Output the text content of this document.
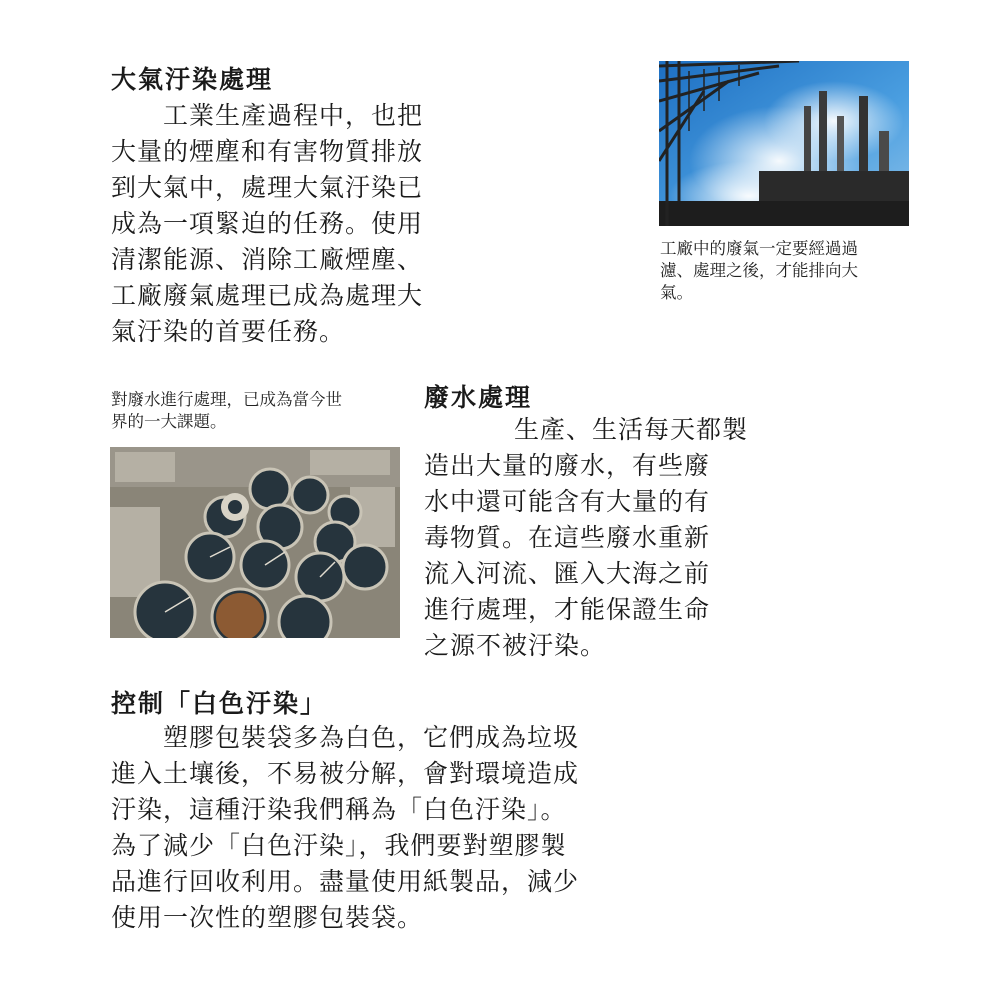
大氣汙染處理

　　工業生產過程中，也把

大量的煙塵和有害物質排放

到大氣中，處理大氣汙染已

成為一項緊迫的任務。使用

清潔能源、消除工廠煙塵、

工廠廢氣處理已成為處理大

氣汙染的首要任務。

工廠中的廢氣一定要經過過
濾、處理之後，才能排向大
氣。

對廢水進行處理，已成為當今世
界的一大課題。

廢水處理

生產、生活每天都製

造出大量的廢水，有些廢

水中還可能含有大量的有

毒物質。在這些廢水重新

流入河流、匯入大海之前

進行處理，才能保證生命

之源不被汙染。

控制「白色汙染」

　　塑膠包裝袋多為白色，它們成為垃圾

進入土壤後，不易被分解，會對環境造成

汙染，這種汙染我們稱為「白色汙染」。

為了減少「白色汙染」，我們要對塑膠製

品進行回收利用。盡量使用紙製品，減少

使用一次性的塑膠包裝袋。
